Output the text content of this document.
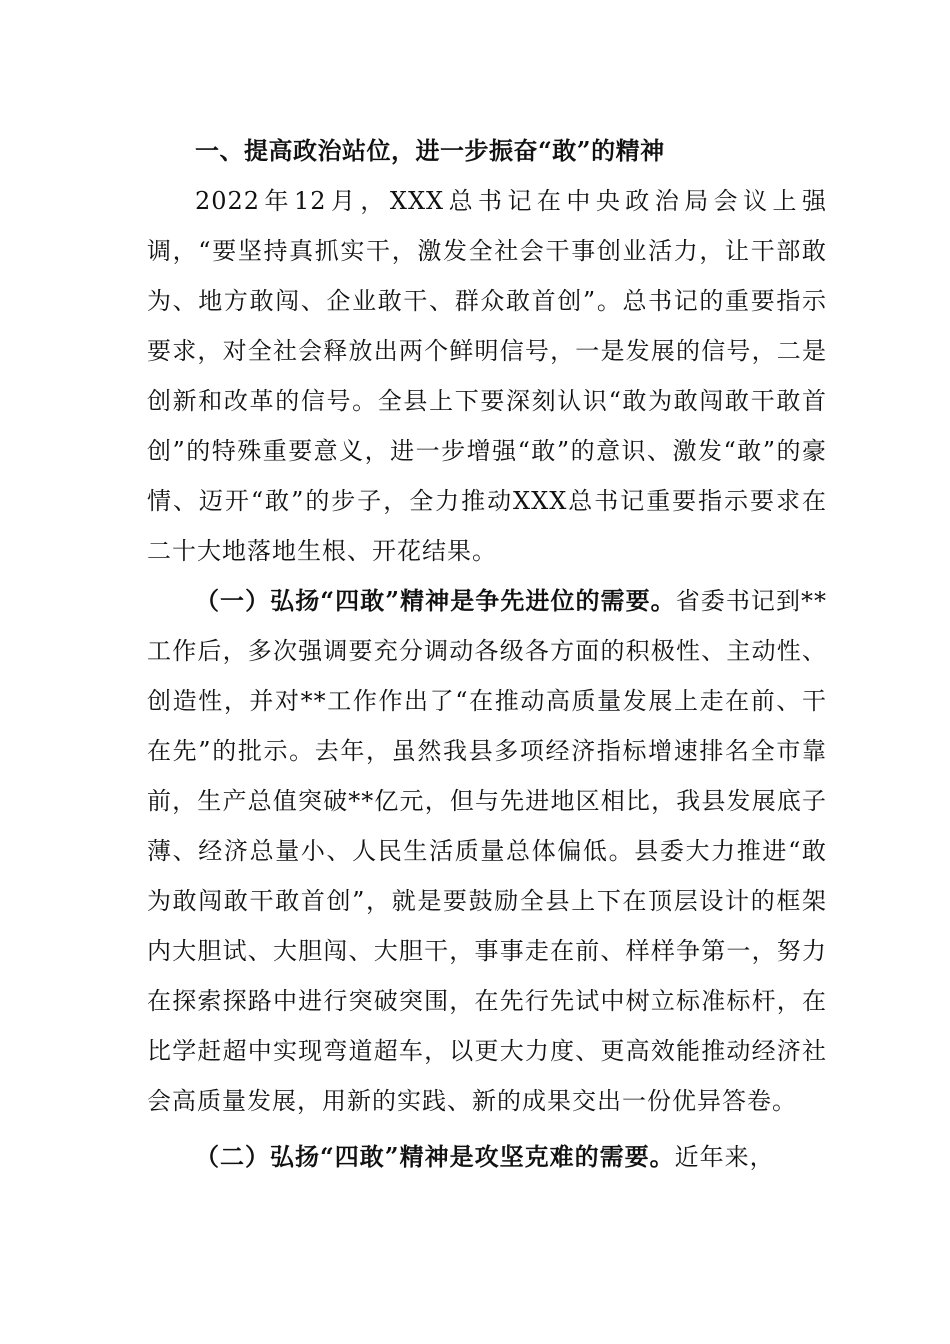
一、提高政治站位，进一步振奋“敢”的精神

2022年12月，XXX总书记在中央政治局会议上强调，“要坚持真抓实干，激发全社会干事创业活力，让干部敢为、地方敢闯、企业敢干、群众敢首创”。总书记的重要指示要求，对全社会释放出两个鲜明信号，一是发展的信号，二是创新和改革的信号。全县上下要深刻认识“敢为敢闯敢干敢首创”的特殊重要意义，进一步增强“敢”的意识、激发“敢”的豪情、迈开“敢”的步子，全力推动XXX总书记重要指示要求在二十大地落地生根、开花结果。

（一）弘扬“四敢”精神是争先进位的需要。省委书记到**工作后，多次强调要充分调动各级各方面的积极性、主动性、创造性，并对**工作作出了“在推动高质量发展上走在前、干在先”的批示。去年，虽然我县多项经济指标增速排名全市靠前，生产总值突破**亿元，但与先进地区相比，我县发展底子薄、经济总量小、人民生活质量总体偏低。县委大力推进“敢为敢闯敢干敢首创”，就是要鼓励全县上下在顶层设计的框架内大胆试、大胆闯、大胆干，事事走在前、样样争第一，努力在探索探路中进行突破突围，在先行先试中树立标准标杆，在比学赶超中实现弯道超车，以更大力度、更高效能推动经济社会高质量发展，用新的实践、新的成果交出一份优异答卷。

（二）弘扬“四敢”精神是攻坚克难的需要。近年来，
